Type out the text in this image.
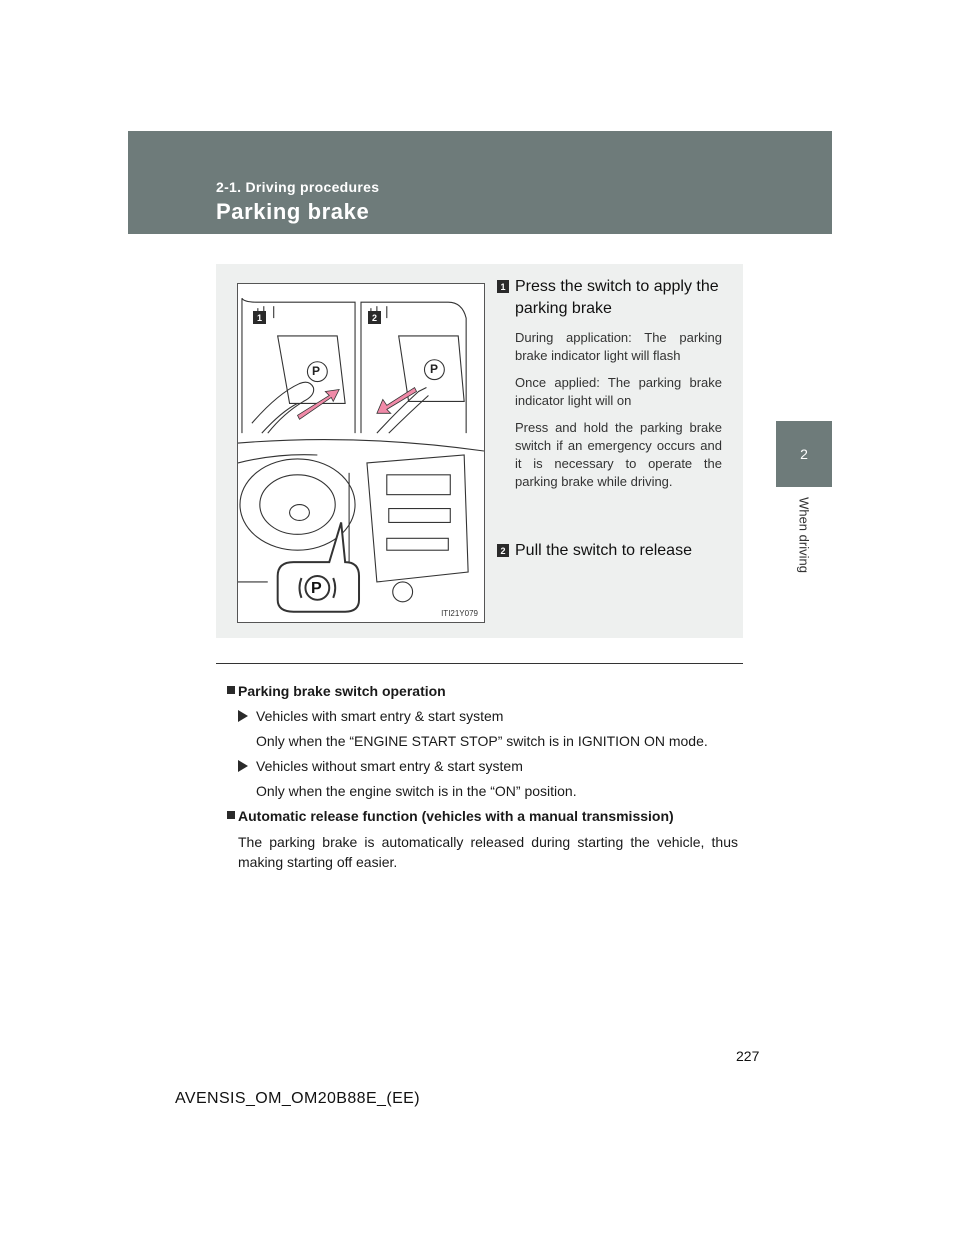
2-1. Driving procedures
Parking brake
2
When driving
1	2
P	P
P
ITI21Y079
1 Press the switch to apply the parking brake
During application: The parking brake indicator light will flash
Once applied: The parking brake indicator light will on
Press and hold the parking brake switch if an emergency occurs and it is necessary to operate the parking brake while driving.
2 Pull the switch to release
Parking brake switch operation
Vehicles with smart entry & start system
Only when the “ENGINE START STOP” switch is in IGNITION ON mode.
Vehicles without smart entry & start system
Only when the engine switch is in the “ON” position.
Automatic release function (vehicles with a manual transmission)
The parking brake is automatically released during starting the vehicle, thus making starting off easier.
227
AVENSIS_OM_OM20B88E_(EE)
